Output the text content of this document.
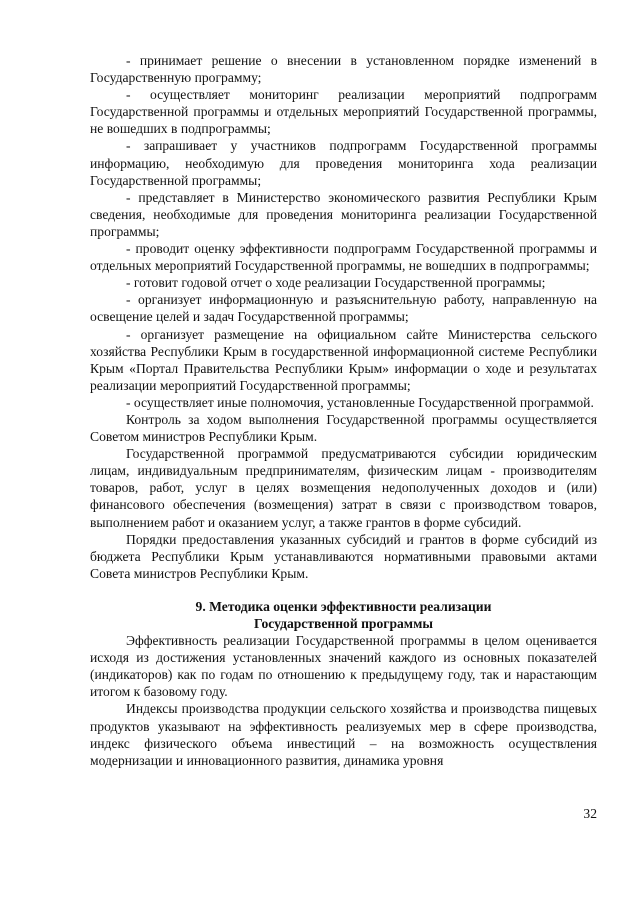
- принимает решение о внесении в установленном порядке изменений в Государственную программу;

- осуществляет мониторинг реализации мероприятий подпрограмм Государственной программы и отдельных мероприятий Государственной программы, не вошедших в подпрограммы;

- запрашивает у участников подпрограмм Государственной программы информацию, необходимую для проведения мониторинга хода реализации Государственной программы;

- представляет в Министерство экономического развития Республики Крым сведения, необходимые для проведения мониторинга реализации Государственной программы;

- проводит оценку эффективности подпрограмм Государственной программы и отдельных мероприятий Государственной программы, не вошедших в подпрограммы;

- готовит годовой отчет о ходе реализации Государственной программы;

- организует информационную и разъяснительную работу, направленную на освещение целей и задач Государственной программы;

- организует размещение на официальном сайте Министерства сельского хозяйства Республики Крым в государственной информационной системе Республики Крым «Портал Правительства Республики Крым» информации о ходе и результатах реализации мероприятий Государственной программы;

- осуществляет иные полномочия, установленные Государственной программой.

Контроль за ходом выполнения Государственной программы осуществляется Советом министров Республики Крым.

Государственной программой предусматриваются субсидии юридическим лицам, индивидуальным предпринимателям, физическим лицам - производителям товаров, работ, услуг в целях возмещения недополученных доходов и (или) финансового обеспечения (возмещения) затрат в связи с производством товаров, выполнением работ и оказанием услуг, а также грантов в форме субсидий.

Порядки предоставления указанных субсидий и грантов в форме субсидий из бюджета Республики Крым устанавливаются нормативными правовыми актами Совета министров Республики Крым.

9. Методика оценки эффективности реализации
Государственной программы

Эффективность реализации Государственной программы в целом оценивается исходя из достижения установленных значений каждого из основных показателей (индикаторов) как по годам по отношению к предыдущему году, так и нарастающим итогом к базовому году.

Индексы производства продукции сельского хозяйства и производства пищевых продуктов указывают на эффективность реализуемых мер в сфере производства, индекс физического объема инвестиций – на возможность осуществления модернизации и инновационного развития, динамика уровня

32
